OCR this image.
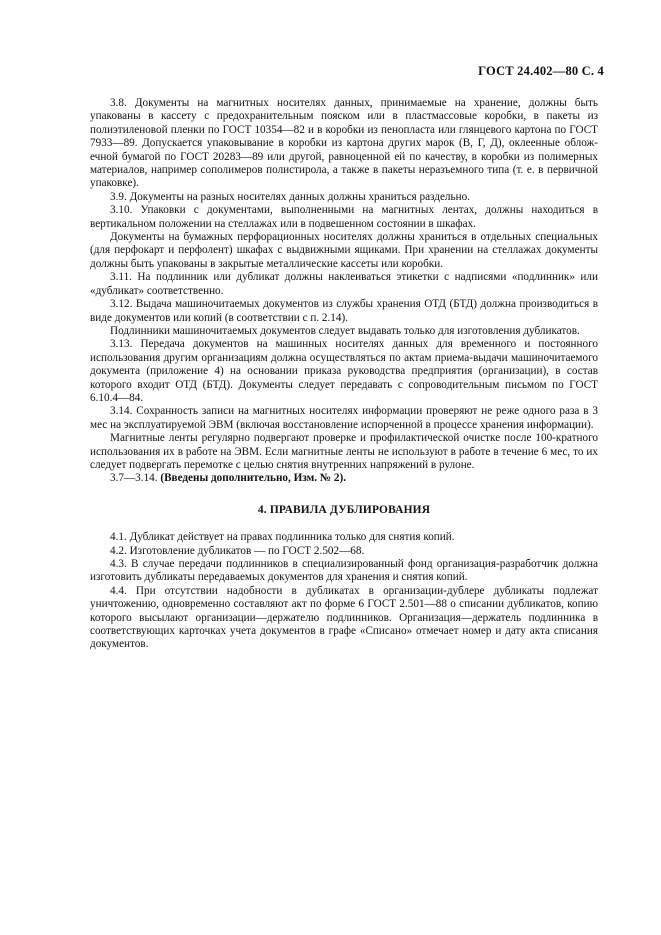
ГОСТ 24.402—80 С. 4

3.8. Документы на магнитных носителях данных, принимаемые на хранение, должны быть упакованы в кассету с предохранительным пояском или в пластмассовые коробки, в пакеты из полиэтиленовой пленки по ГОСТ 10354—82 и в коробки из пенопласта или глянцевого картона по ГОСТ 7933—89. Допускается упаковывание в коробки из картона других марок (В, Г, Д), оклеенные обложечной бумагой по ГОСТ 20283—89 или другой, равноценной ей по качеству, в коробки из полимерных материалов, например сополимеров полистирола, а также в пакеты неразъемного типа (т. е. в первичной упаковке).

3.9. Документы на разных носителях данных должны храниться раздельно.

3.10. Упаковки с документами, выполненными на магнитных лентах, должны находиться в вертикальном положении на стеллажах или в подвешенном состоянии в шкафах.

Документы на бумажных перфорационных носителях должны храниться в отдельных специальных (для перфокарт и перфолент) шкафах с выдвижными ящиками. При хранении на стеллажах документы должны быть упакованы в закрытые металлические кассеты или коробки.

3.11. На подлинник или дубликат должны наклеиваться этикетки с надписями «подлинник» или «дубликат» соответственно.

3.12. Выдача машиночитаемых документов из службы хранения ОТД (БТД) должна производиться в виде документов или копий (в соответствии с п. 2.14).

Подлинники машиночитаемых документов следует выдавать только для изготовления дубликатов.

3.13. Передача документов на машинных носителях данных для временного и постоянного использования другим организациям должна осуществляться по актам приема-выдачи машиночитаемого документа (приложение 4) на основании приказа руководства предприятия (организации), в состав которого входит ОТД (БТД). Документы следует передавать с сопроводительным письмом по ГОСТ 6.10.4—84.

3.14. Сохранность записи на магнитных носителях информации проверяют не реже одного раза в 3 мес на эксплуатируемой ЭВМ (включая восстановление испорченной в процессе хранения информации).

Магнитные ленты регулярно подвергают проверке и профилактической очистке после 100-кратного использования их в работе на ЭВМ. Если магнитные ленты не используют в работе в течение 6 мес, то их следует подвергать перемотке с целью снятия внутренних напряжений в рулоне.

3.7—3.14. (Введены дополнительно, Изм. № 2).

4. ПРАВИЛА ДУБЛИРОВАНИЯ

4.1. Дубликат действует на правах подлинника только для снятия копий.

4.2. Изготовление дубликатов — по ГОСТ 2.502—68.

4.3. В случае передачи подлинников в специализированный фонд организация-разработчик должна изготовить дубликаты передаваемых документов для хранения и снятия копий.

4.4. При отсутствии надобности в дубликатах в организации-дублере дубликаты подлежат уничтожению, одновременно составляют акт по форме 6 ГОСТ 2.501—88 о списании дубликатов, копию которого высылают организации—держателю подлинников. Организация—держатель подлинника в соответствующих карточках учета документов в графе «Списано» отмечает номер и дату акта списания документов.
